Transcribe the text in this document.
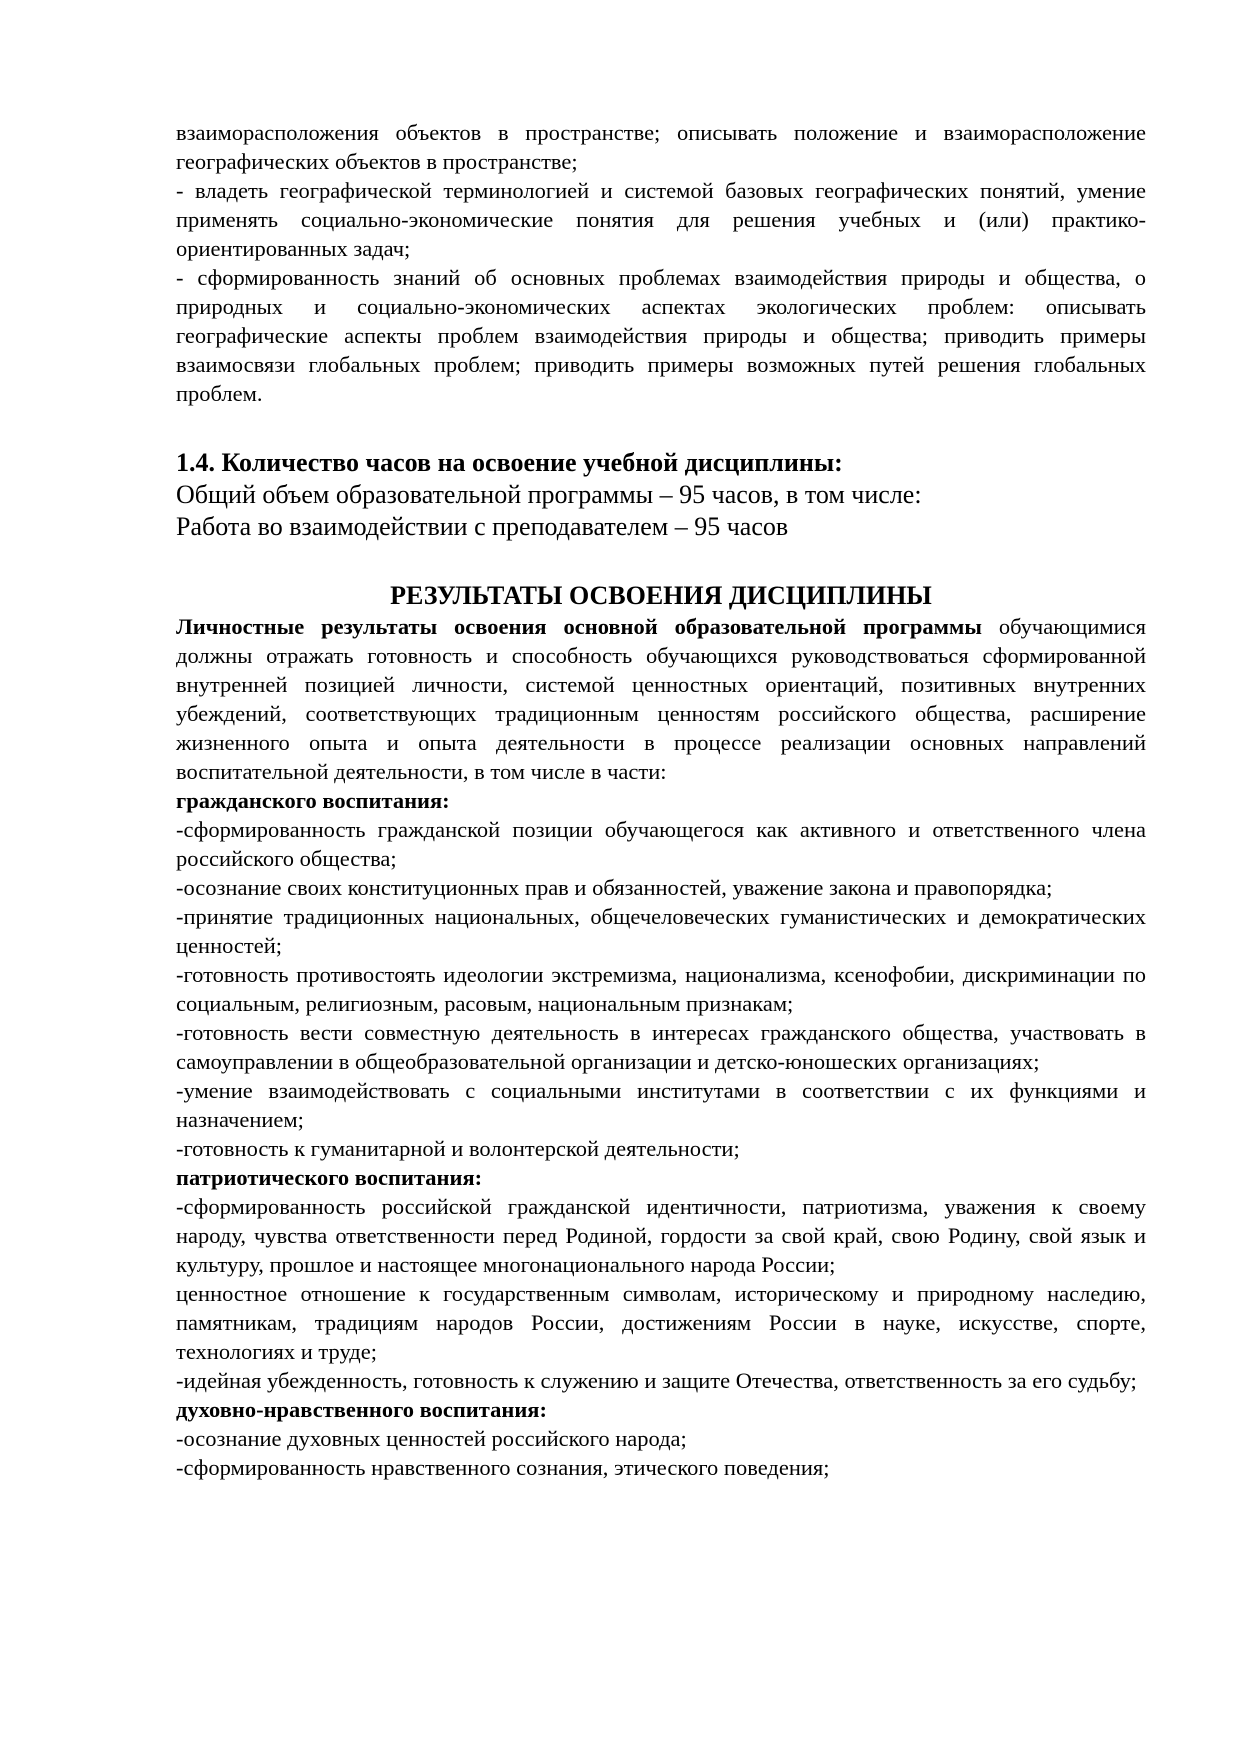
взаиморасположения объектов в пространстве; описывать положение и взаиморасположение географических объектов в пространстве;

- владеть географической терминологией и системой базовых географических понятий, умение применять социально-экономические понятия для решения учебных и (или) практико-ориентированных задач;

- сформированность знаний об основных проблемах взаимодействия природы и общества, о природных и социально-экономических аспектах экологических проблем: описывать географические аспекты проблем взаимодействия природы и общества; приводить примеры взаимосвязи глобальных проблем; приводить примеры возможных путей решения глобальных проблем.

1.4. Количество часов на освоение учебной дисциплины:

Общий объем образовательной программы – 95 часов, в том числе:

Работа во взаимодействии с преподавателем – 95 часов

РЕЗУЛЬТАТЫ ОСВОЕНИЯ ДИСЦИПЛИНЫ

Личностные результаты освоения основной образовательной программы обучающимися должны отражать готовность и способность обучающихся руководствоваться сформированной внутренней позицией личности, системой ценностных ориентаций, позитивных внутренних убеждений, соответствующих традиционным ценностям российского общества, расширение жизненного опыта и опыта деятельности в процессе реализации основных направлений воспитательной деятельности, в том числе в части:

гражданского воспитания:

-сформированность гражданской позиции обучающегося как активного и ответственного члена российского общества;

-осознание своих конституционных прав и обязанностей, уважение закона и правопорядка;

-принятие традиционных национальных, общечеловеческих гуманистических и демократических ценностей;

-готовность противостоять идеологии экстремизма, национализма, ксенофобии, дискриминации по социальным, религиозным, расовым, национальным признакам;

-готовность вести совместную деятельность в интересах гражданского общества, участвовать в самоуправлении в общеобразовательной организации и детско-юношеских организациях;

-умение взаимодействовать с социальными институтами в соответствии с их функциями и назначением;

-готовность к гуманитарной и волонтерской деятельности;

патриотического воспитания:

-сформированность российской гражданской идентичности, патриотизма, уважения к своему народу, чувства ответственности перед Родиной, гордости за свой край, свою Родину, свой язык и культуру, прошлое и настоящее многонационального народа России;

ценностное отношение к государственным символам, историческому и природному наследию, памятникам, традициям народов России, достижениям России в науке, искусстве, спорте, технологиях и труде;

-идейная убежденность, готовность к служению и защите Отечества, ответственность за его судьбу;

духовно-нравственного воспитания:

-осознание духовных ценностей российского народа;

-сформированность нравственного сознания, этического поведения;
